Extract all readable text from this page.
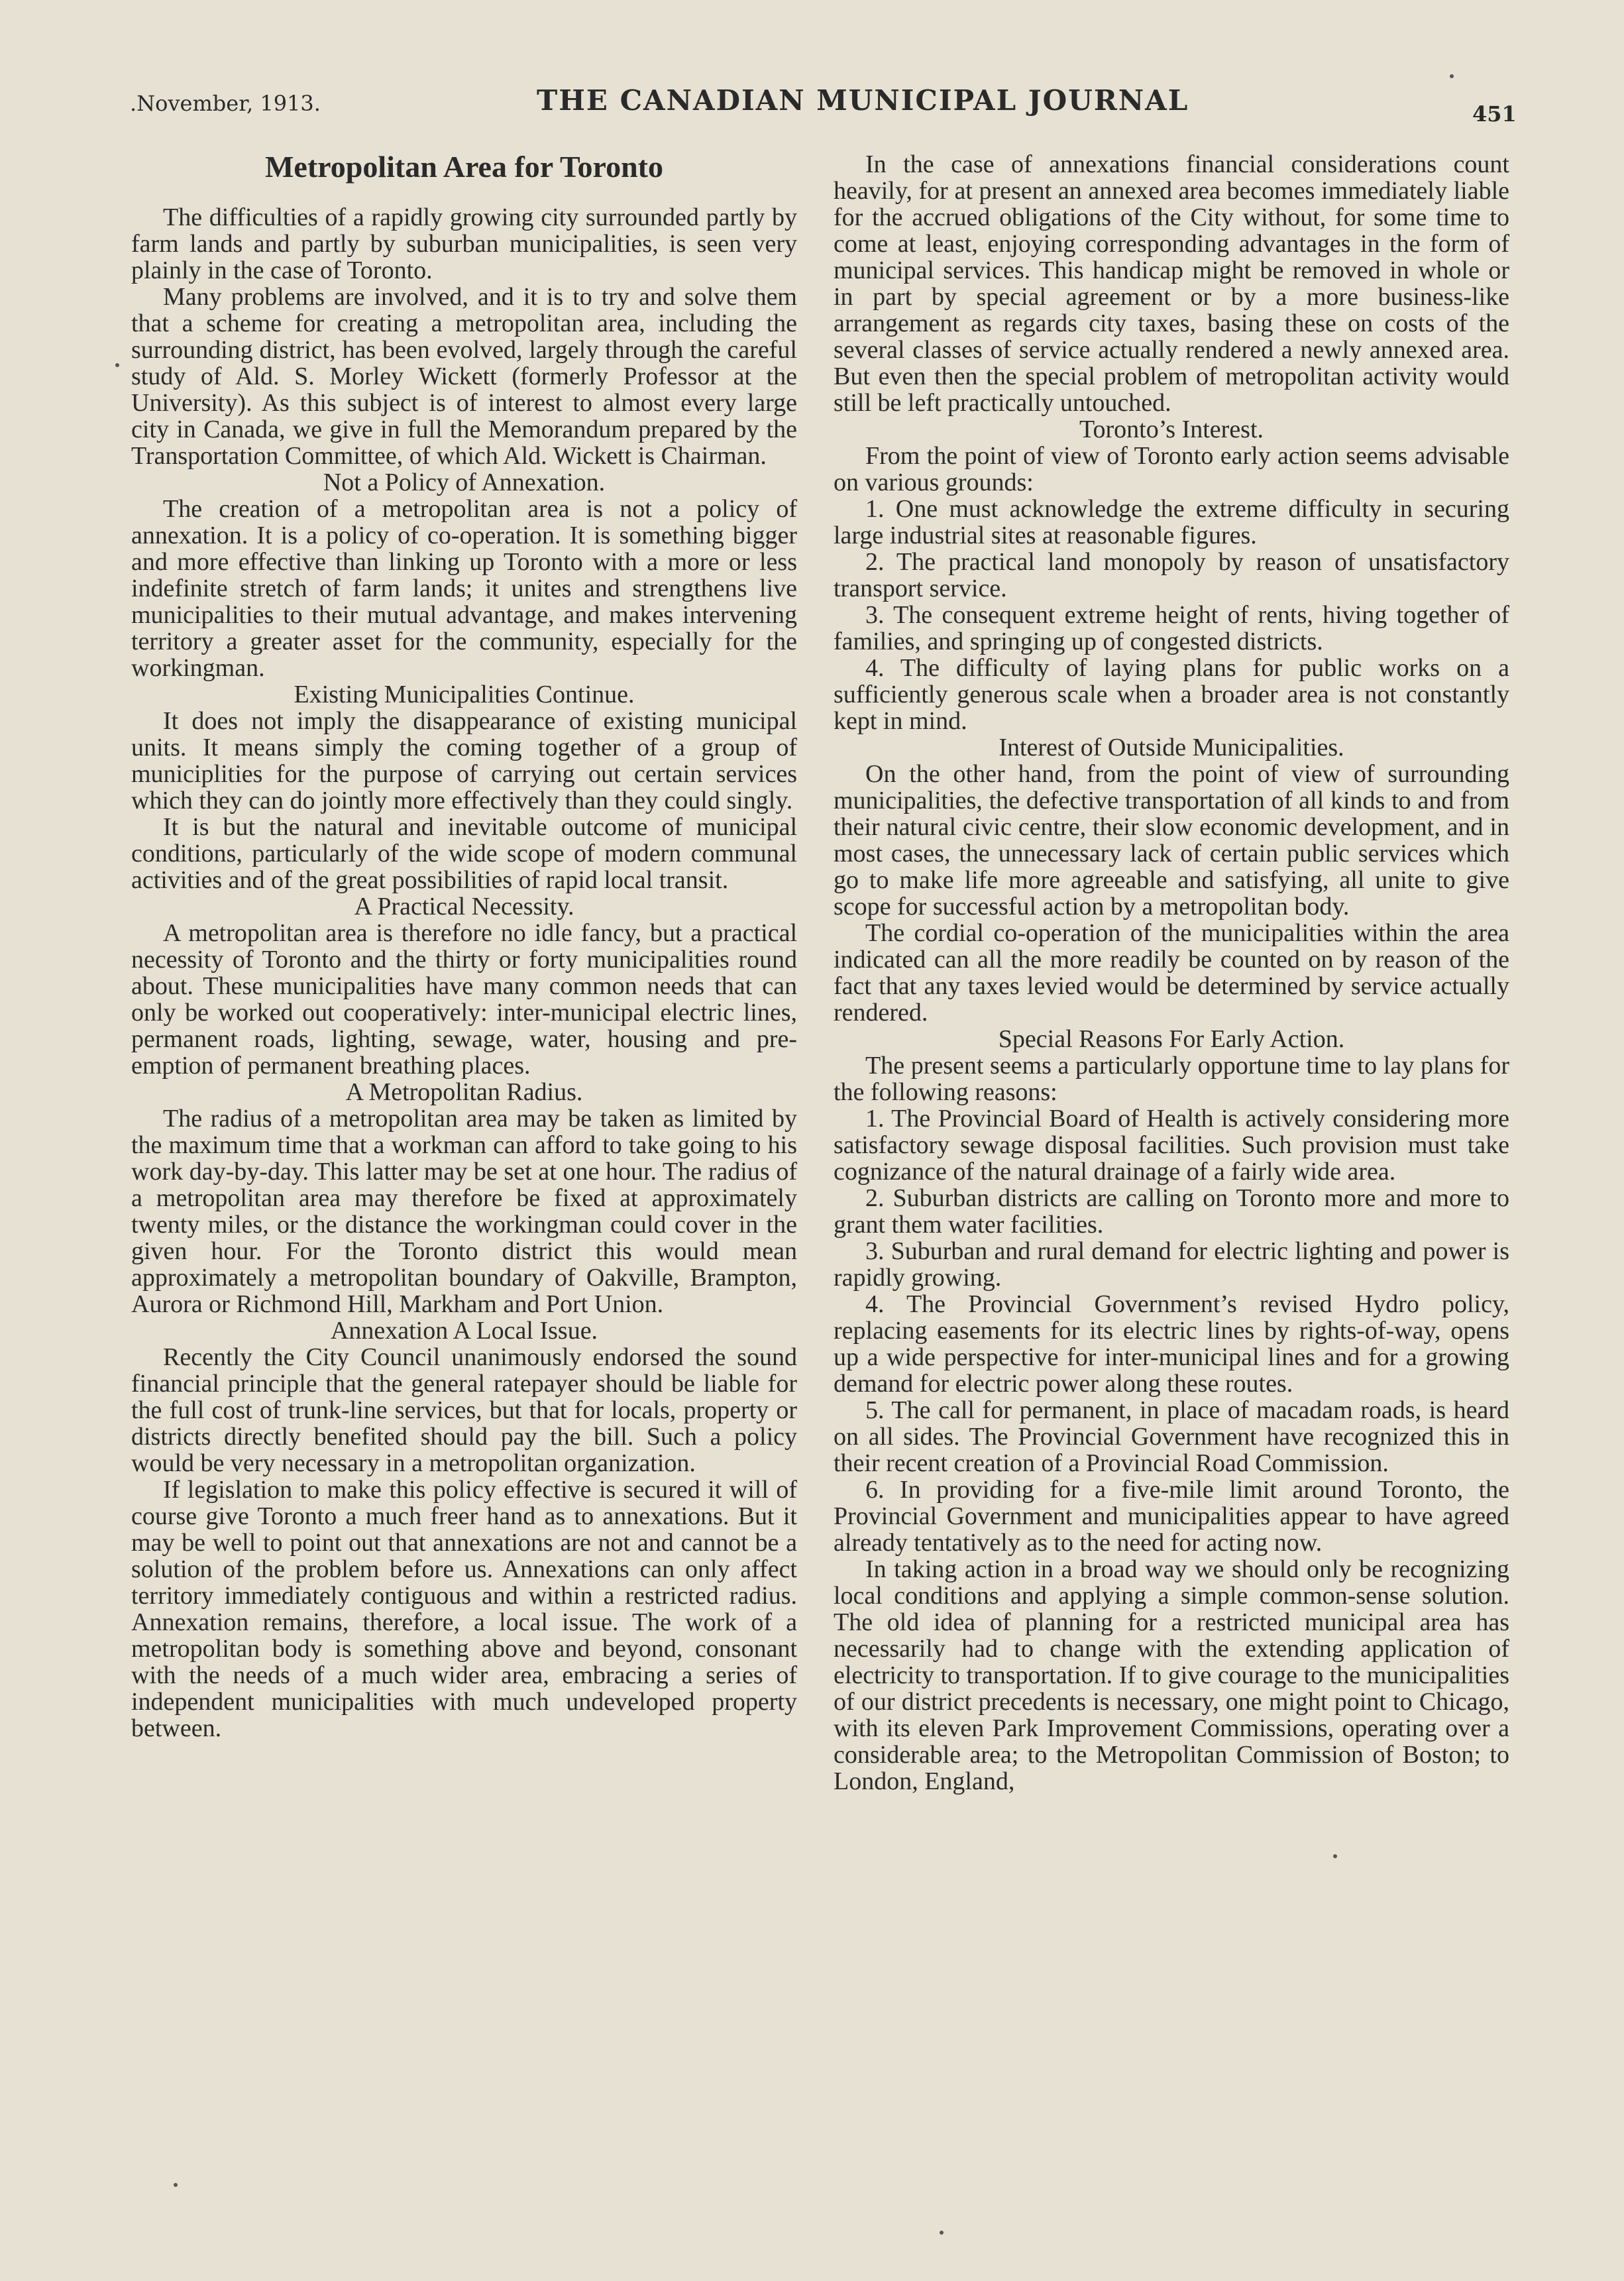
.November, 1913.	THE CANADIAN MUNICIPAL JOURNAL	451
Metropolitan Area for Toronto

The difficulties of a rapidly growing city surrounded partly by farm lands and partly by suburban municipalities, is seen very plainly in the case of Toronto.

Many problems are involved, and it is to try and solve them that a scheme for creating a metropolitan area, including the surrounding district, has been evolved, largely through the careful study of Ald. S. Morley Wickett (formerly Professor at the University). As this subject is of interest to almost every large city in Canada, we give in full the Memorandum prepared by the Transportation Committee, of which Ald. Wickett is Chairman.

Not a Policy of Annexation.

The creation of a metropolitan area is not a policy of annexation. It is a policy of co-operation. It is something bigger and more effective than linking up Toronto with a more or less indefinite stretch of farm lands; it unites and strengthens live municipalities to their mutual advantage, and makes intervening territory a greater asset for the community, especially for the workingman.

Existing Municipalities Continue.

It does not imply the disappearance of existing municipal units. It means simply the coming together of a group of municiplities for the purpose of carrying out certain services which they can do jointly more effectively than they could singly.

It is but the natural and inevitable outcome of municipal conditions, particularly of the wide scope of modern communal activities and of the great possibilities of rapid local transit.

A Practical Necessity.

A metropolitan area is therefore no idle fancy, but a practical necessity of Toronto and the thirty or forty municipalities round about. These municipalities have many common needs that can only be worked out cooperatively: inter-municipal electric lines, permanent roads, lighting, sewage, water, housing and pre-emption of permanent breathing places.

A Metropolitan Radius.

The radius of a metropolitan area may be taken as limited by the maximum time that a workman can afford to take going to his work day-by-day. This latter may be set at one hour. The radius of a metropolitan area may therefore be fixed at approximately twenty miles, or the distance the workingman could cover in the given hour. For the Toronto district this would mean approximately a metropolitan boundary of Oakville, Brampton, Aurora or Richmond Hill, Markham and Port Union.

Annexation A Local Issue.

Recently the City Council unanimously endorsed the sound financial principle that the general ratepayer should be liable for the full cost of trunk-line services, but that for locals, property or districts directly benefited should pay the bill. Such a policy would be very necessary in a metropolitan organization.

If legislation to make this policy effective is secured it will of course give Toronto a much freer hand as to annexations. But it may be well to point out that annexations are not and cannot be a solution of the problem before us. Annexations can only affect territory immediately contiguous and within a restricted radius. Annexation remains, therefore, a local issue. The work of a metropolitan body is something above and beyond, consonant with the needs of a much wider area, embracing a series of independent municipalities with much undeveloped property between.

In the case of annexations financial considerations count heavily, for at present an annexed area becomes immediately liable for the accrued obligations of the City without, for some time to come at least, enjoying corresponding advantages in the form of municipal services. This handicap might be removed in whole or in part by special agreement or by a more business-like arrangement as regards city taxes, basing these on costs of the several classes of service actually rendered a newly annexed area. But even then the special problem of metropolitan activity would still be left practically untouched.

Toronto’s Interest.

From the point of view of Toronto early action seems advisable on various grounds:

1. One must acknowledge the extreme difficulty in securing large industrial sites at reasonable figures.

2. The practical land monopoly by reason of unsatisfactory transport service.

3. The consequent extreme height of rents, hiving together of families, and springing up of congested districts.

4. The difficulty of laying plans for public works on a sufficiently generous scale when a broader area is not constantly kept in mind.

Interest of Outside Municipalities.

On the other hand, from the point of view of surrounding municipalities, the defective transportation of all kinds to and from their natural civic centre, their slow economic development, and in most cases, the unnecessary lack of certain public services which go to make life more agreeable and satisfying, all unite to give scope for successful action by a metropolitan body.

The cordial co-operation of the municipalities within the area indicated can all the more readily be counted on by reason of the fact that any taxes levied would be determined by service actually rendered.

Special Reasons For Early Action.

The present seems a particularly opportune time to lay plans for the following reasons:

1. The Provincial Board of Health is actively considering more satisfactory sewage disposal facilities. Such provision must take cognizance of the natural drainage of a fairly wide area.

2. Suburban districts are calling on Toronto more and more to grant them water facilities.

3. Suburban and rural demand for electric lighting and power is rapidly growing.

4. The Provincial Government’s revised Hydro policy, replacing easements for its electric lines by rights-of-way, opens up a wide perspective for inter-municipal lines and for a growing demand for electric power along these routes.

5. The call for permanent, in place of macadam roads, is heard on all sides. The Provincial Government have recognized this in their recent creation of a Provincial Road Commission.

6. In providing for a five-mile limit around Toronto, the Provincial Government and municipalities appear to have agreed already tentatively as to the need for acting now.

In taking action in a broad way we should only be recognizing local conditions and applying a simple common-sense solution. The old idea of planning for a restricted municipal area has necessarily had to change with the extending application of electricity to transportation. If to give courage to the municipalities of our district precedents is necessary, one might point to Chicago, with its eleven Park Improvement Commissions, operating over a considerable area; to the Metropolitan Commission of Boston; to London, England,
